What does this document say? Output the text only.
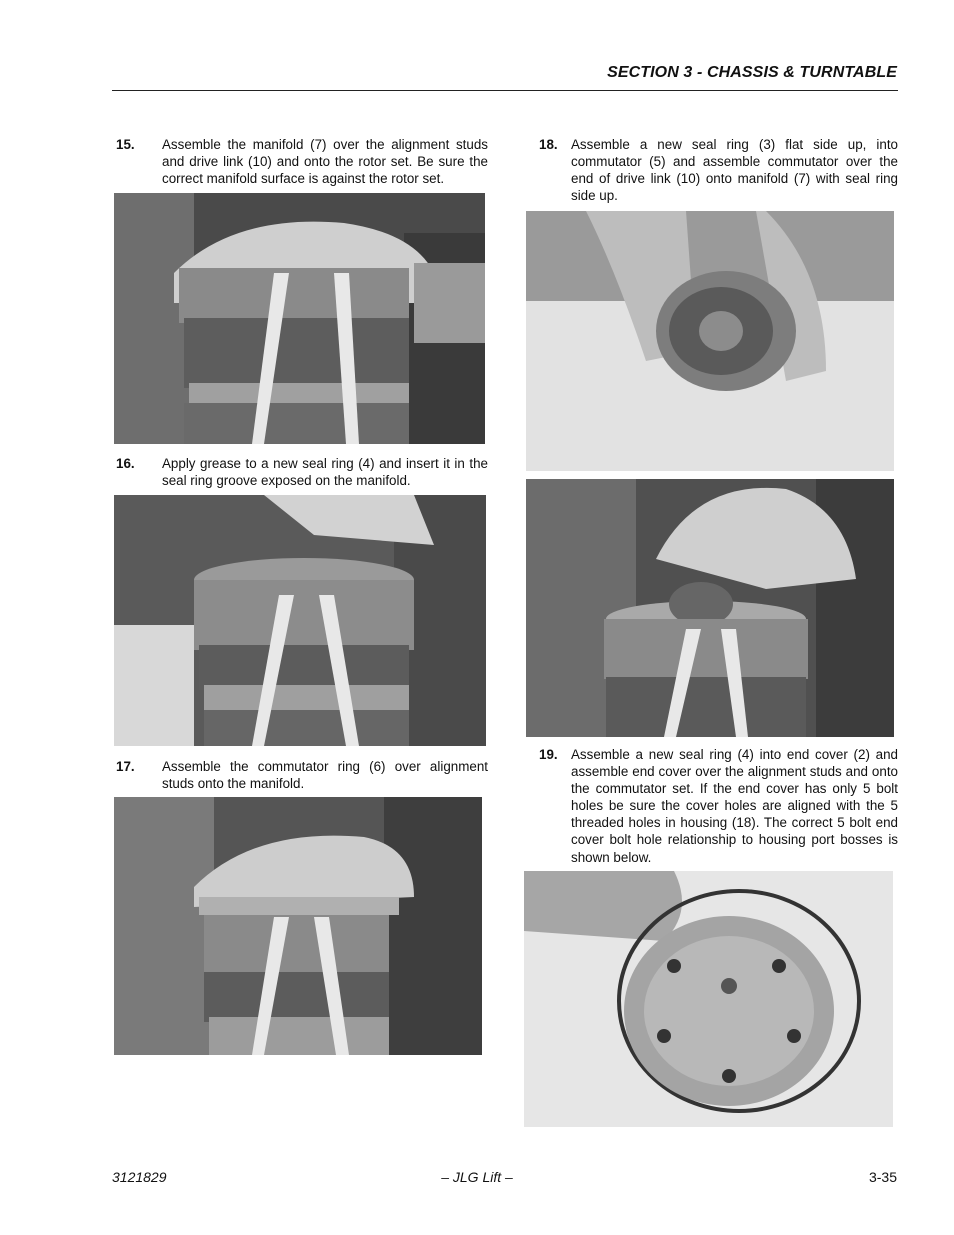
SECTION 3 - CHASSIS & TURNTABLE
15. Assemble the manifold (7) over the alignment studs and drive link (10) and onto the rotor set. Be sure the correct manifold surface is against the rotor set.
16. Apply grease to a new seal ring (4) and insert it in the seal ring groove exposed on the manifold.
17. Assemble the commutator ring (6) over alignment studs onto the manifold.
18. Assemble a new seal ring (3) flat side up, into commutator (5) and assemble commutator over the end of drive link (10) onto manifold (7) with seal ring side up.
19. Assemble a new seal ring (4) into end cover (2) and assemble end cover over the alignment studs and onto the commutator set. If the end cover has only 5 bolt holes be sure the cover holes are aligned with the 5 threaded holes in housing (18). The correct 5 bolt end cover bolt hole relationship to housing port bosses is shown below.
3121829	– JLG Lift –	3-35
